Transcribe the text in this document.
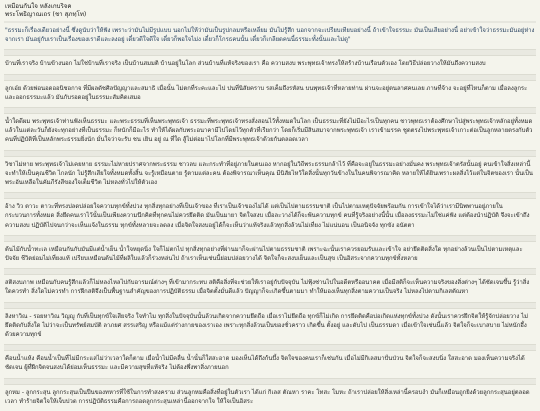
เหมือนกันใจ หลังเกบริจค
พระโพธิญาณเถร (ชา สุภทฺโท)
"ธรรมะก็เรื่องเดียวอย่างนี้ ซึ่งดูนับว่าให้ฟัง เพราะว่ามันไม่มีรูปแบบ นอกไม่ให้ว่ามันเป็นรูปกลมหรือเหลี่ยม มันไม่รู้สึก นอกจากจะเปรียบเทียบอย่างนี้ ถ้าเข้าใจธรรมะ มันเป็นเสียอย่างนี้ อย่าเข้าใจว่าธรรมะมันอยู่ห่างจากเรา มันอยู่กับเราเป็นเรื่องของเราดีและลงอยู่ เดี๋ยวดีใจดีใจ เดี๋ยวก็พอใจไม่ง เดี๋ยวก็โกรธคนนั้น เดี๋ยวก็เกลียดคนนี้ธรรมะทั้งนั้นและไม่ดู"
บ้านที่เราจริง บ้านข้างนอก ไม่ใช่บ้านที่เราจริง เป็นบ้านสมมติ บ้านอยู่ในโลก ส่วนบ้านที่แท้จริงของเรา คือ ความสงบ พระพุทธเจ้าทรงให้สร้างบ้านเรือนตัวเอง โดยวิธีปล่อยวางให้มันถึงความสงบ
ลูกเอ๋ย ด้วยพ่อนอดออนิชอกาจ ที่มีผลดัชศิลปัญญาและสมาธิ เมื่อนั้น ไม่ตกที่ระคะและไป ปนที่นิสัยคราบ รสเค็มถึงรหัสน บนพุทธเจ้าที่หลายท่าน ผ่านจะอยู่ตนลาศคนเลย ภาษที่จ้าง จะอยู่ที่ไหนก็ตาม เมื่อลงลูกระและออกธรรมะแล้ว มันกับรอดอยู่ในธรรมะสัมคิดเสมอ
น้ำใดดีผม พระพุทธเจ้าท่านฟังเห็นธรรมะ และพระธรรมที่เห็นพระพุทธเจ้า ธรรมะที่พระพุทธเจ้าทรงสั่งสอนไว้ทั้งหมดในโลก เป็นธรรมะที่ยังไม่มีอะไรเป็นทุกคน ชาวพุทธเราต้องศึกษาไปสู่พระพุทธเจ้าหลักอยู่ทั้งหมดแล้วในแต่ละวันก็ยังจะทุกอย่างที่เป็นธรรมะ ก็หนักก็มีอะไร ทำให้ได้ผลกับพระอนาคามีไปโดยไว้ทุกตัวที่เรียกว่า โดยก็เริ่มมีสินสมาจากพระพุทธเจ้า เราเข้ามรรค ชูดตรงไปพระพุทธเจ้าเกาะต่อเป็นลูกหลายตรงกับตัวคนที่ปฏิบัติที่เป็นหลักพระธรรมยิ่งนัก มั่นใจว่าจะรับ ชน เยิน อยู่ ณ ที่ใด สู้ไม่ต่อมาไปโลกที่มีพระพุทธเจ้าด้วยกันตลอดเวลา
วิชาไม่หาย พระพุทธเจ้าไม่เคยหาย ธรรมะไม่หายปราศจากพระธรรม ชาวลบ และกระทำที่อยู่ภายในตนเอง หากอยู่ในวิถีพระธรรมกล้าไว้ ที่คือจะอยู่ในธรรมะอย่างมั่นคง พระพุทธเจ้าตรัสนั้นอยู่ คนเข้าใจสิ่งเหล่านี้จะทำให้เป็นคุณชีวิต ไกลนัก ไม่รู้สึกเสียใจทั้งหมดทั้งสิ้น จะรู้เหมือนตาย รู้ตามแต่ละคน ต้องพิจารณาเห็นคุณ มีนิสัยไหว้ใดสิ่งนั้นทุกวันข้างในในคนพิจารณาคิด หลายให้ได้ยินเพราะผลสิ่งไว้แต่ในจิตของเรา นั้นเป็นพระอันเหลือในคัมภีรังสีของใจเต็มชีวิต ไม่หลงทั่วไปให้ตัวเอง
อ้าง วิว ตาวะ ตาวะที่ทรงปลดปล่อยใจความทุกข์ทั้งปวง ทุกสิ่งทุกอย่างที่เป็นเจ้าของ ที่เราเป็นเจ้าของไม่ได้ แต่เป็นไปตามธรรมชาติ เป็นไปตามเหตุปัจจัยพร้อมกัน การเข้าใจได้ว่าเรามีนิพพานอยู่ภายใน กระบวนการทั้งหมด สิ่งยึดคนเราไว้นั้นเป็นเพียงความนึกคิดที่ทุกคนไม่ควรยึดติด มันเป็นมายา จิตใจสงบ เมื่อละวางได้ก็จะพ้นความทุกข์ คนที่รู้จริงอย่างนี้นั้น เมื่อลงธรรมะไม่ใช่แค่ฟัง แต่ต้องนำปฏิบัติ จึงจะเข้าถึงความสงบ ปฏิบัติไปจนกว่าจะเห็นแจ้งในธรรม ทุกข์ทั้งหลายจะลดลง เมื่อจิตใจสงบอยู่ได้ก็จะเห็นว่าแท้จริงแล้วทุกสิ่งล้วนไม่เที่ยง ไม่แน่นอน เป็นอนิจจัง ทุกขัง อนัตตา
ต้นไม้กับน้ำทะเล เหมือนกันกับมันมีแต่น้ำเย็น น้ำใจหยุดนิ่ง ใจก็ไม่ตกไป ทุกสิ่งทุกอย่างที่ผ่านมาก็จะผ่านไปตามธรรมชาติ เพราะฉะนั้นเราควรยอมรับและเข้าใจ อย่ายึดติดสิ่งใด ทุกอย่างล้วนเป็นไปตามเหตุและปัจจัย ชีวิตย่อมไม่เที่ยงแท้ เปรียบเหมือนต้นไม้ที่ผลิใบแล้วก็ร่วงหล่นไป ถ้าเราเห็นเช่นนี้ย่อมปล่อยวางได้ จิตใจก็จะสงบเย็นและเป็นสุข เป็นอิสระจากความทุกข์ทั้งหลาย
สติสงบภาพ เหมือนกับคนรู้สึกแล้วก็ไม่หลงไหลไปกับอารมณ์ต่างๆ ที่เข้ามากระทบ สติคือสิ่งที่จะช่วยให้เราอยู่กับปัจจุบัน ไม่ฟุ้งซ่านไปในอดีตหรืออนาคต เมื่อมีสติก็จะเห็นความจริงของสิ่งต่างๆ ได้ชัดเจนขึ้น รู้ว่าสิ่งใดควรทำ สิ่งใดไม่ควรทำ การฝึกสติจึงเป็นพื้นฐานสำคัญของการปฏิบัติธรรม เมื่อจิตตั้งมั่นดีแล้ว ปัญญาก็จะเกิดขึ้นตามมา ทำให้มองเห็นทุกสิ่งตามความเป็นจริง ไม่หลงไปตามกิเลสตัณหา
ลิงหาวิณ - รอยหาวิณ วิญญู กับที่เป็นทุกข์ใจเสียจริง ใจทำไม ทุกสิ่งในปัจจุบันนั้นล้วนเกิดจากความยึดถือ เมื่อเราไม่ยึดถือ ทุกข์ก็ไม่เกิด การยึดติดคือบ่อเกิดแห่งทุกข์ทั้งปวง ดังนั้นเราควรฝึกจิตให้รู้จักปล่อยวาง ไม่ยึดติดกับสิ่งใด ไม่ว่าจะเป็นทรัพย์สมบัติ ลาภยศ สรรเสริญ หรือแม้แต่ร่างกายของเราเอง เพราะทุกสิ่งล้วนเป็นของชั่วคราว เกิดขึ้น ตั้งอยู่ และดับไป เป็นธรรมดา เมื่อเข้าใจเช่นนี้แล้ว จิตใจก็จะเบาสบาย ไม่หนักอึ้งด้วยความทุกข์
คือนน้ำแห้ง คือนน้ำเป็นที่ไม่มีกระแสไม่ว่าเวลาใดก็ตาม เมื่อน้ำไม่มีคลื่น น้ำนั้นก็ใสสะอาด มองเห็นได้ถึงก้นบึ้ง จิตใจของคนเราก็เช่นกัน เมื่อไม่มีกิเลสมาปั่นป่วน จิตใจก็จะสงบนิ่ง ใสสะอาด มองเห็นความจริงได้ชัดเจน ผู้ที่ฝึกจิตจนสงบได้ย่อมเห็นธรรมะ และมีความสุขที่แท้จริง ไม่ต้องพึ่งพาสิ่งภายนอก
ลูกหม - ลูกกระสุน ลูกกระสุนเป็นปืนของทหารที่ใช้ในการทำสงคราม ส่วนลูกหมคือสิ่งที่อยู่ในตัวเรา ได้แก่ กิเลส ตัณหา ราคะ โทสะ โมหะ ถ้าเราปล่อยให้สิ่งเหล่านี้ครอบงำ มันก็เหมือนถูกยิงด้วยลูกกระสุนอยู่ตลอดเวลา ทำร้ายจิตใจให้เจ็บปวด การปฏิบัติธรรมคือการถอดลูกกระสุนเหล่านี้ออกจากใจ ให้ใจเป็นอิสระ
